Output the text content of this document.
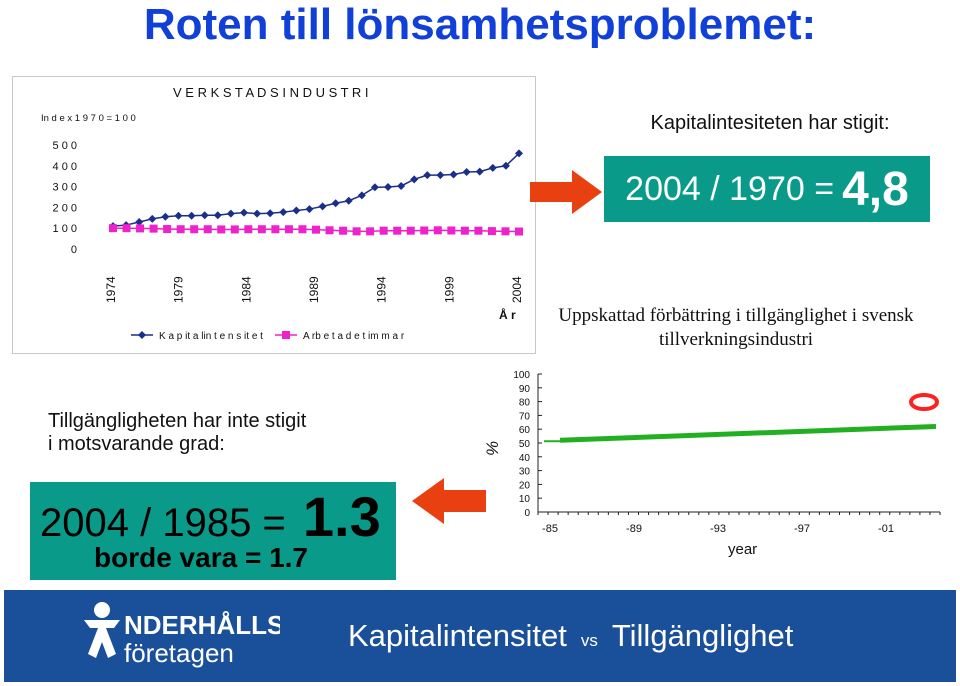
Roten till lönsamhetsproblemet:
V E R K S T A D S I N D U S T R I
In d e x 1 9 7 0 = 1 0 0
0
1 0 0
2 0 0
3 0 0
4 0 0
5 0 0
1974	1979	1984	1989	1994	1999	2004
Å r
K a p it a lin t e n s it e t	A rb e t a d e t im m a r
Kapitalintesiteten har stigit:
2004 / 1970 = 4,8
Uppskattad förbättring i tillgänglighet i svensk tillverkningsindustri
%
0
10
20
30
40
50
60
70
80
90
100
-85	-89	-93	-97	-01
year
Tillgängligheten har inte stigit
i motsvarande grad:
2004 / 1985 = 1.3
borde vara = 1.7
NDERHÅLLS
företagen	Kapitalintensitet vs Tillgänglighet
